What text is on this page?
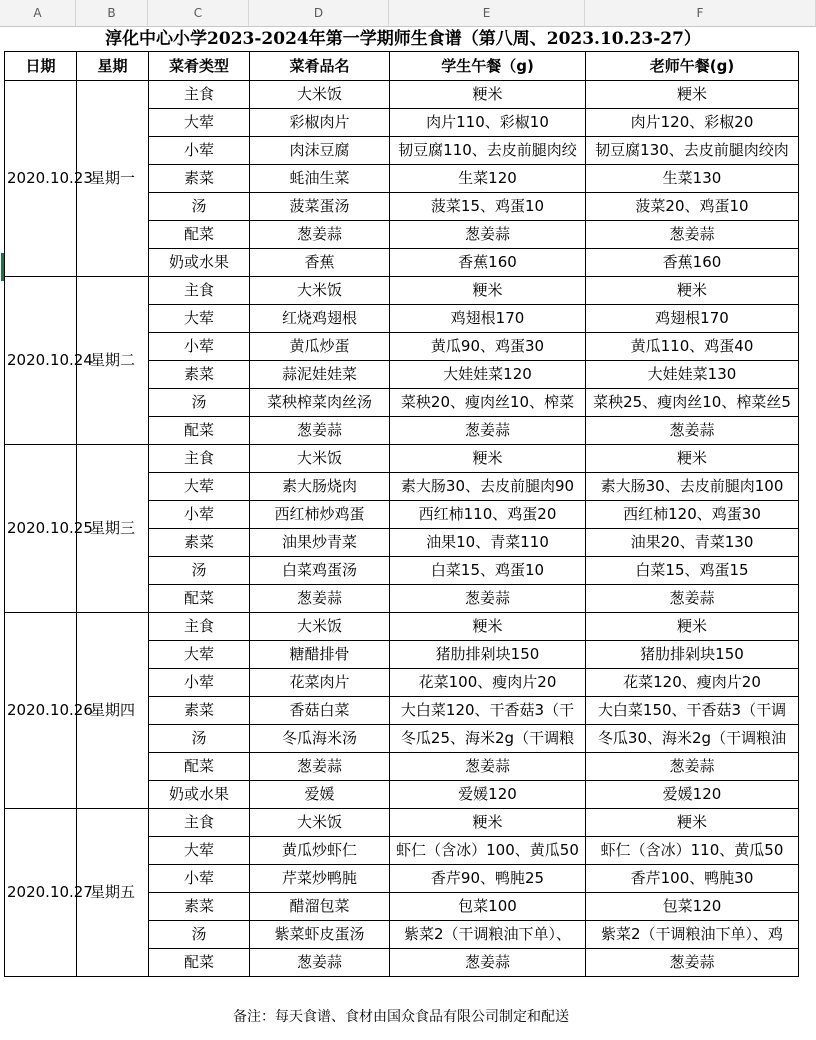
A	B	C	D	E	F
淳化中心小学2023-2024年第一学期师生食谱（第八周、2023.10.23-27）
日期	星期	菜肴类型	菜肴品名	学生午餐（g)	老师午餐(g)
2020.10.23	星期一	主食	大米饭	粳米	粳米
		大荤	彩椒肉片	肉片110、彩椒10	肉片120、彩椒20
		小荤	肉沫豆腐	韧豆腐110、去皮前腿肉绞	韧豆腐130、去皮前腿肉绞肉
		素菜	蚝油生菜	生菜120	生菜130
		汤	菠菜蛋汤	菠菜15、鸡蛋10	菠菜20、鸡蛋10
		配菜	葱姜蒜	葱姜蒜	葱姜蒜
		奶或水果	香蕉	香蕉160	香蕉160
2020.10.24	星期二	主食	大米饭	粳米	粳米
		大荤	红烧鸡翅根	鸡翅根170	鸡翅根170
		小荤	黄瓜炒蛋	黄瓜90、鸡蛋30	黄瓜110、鸡蛋40
		素菜	蒜泥娃娃菜	大娃娃菜120	大娃娃菜130
		汤	菜秧榨菜肉丝汤	菜秧20、瘦肉丝10、榨菜	菜秧25、瘦肉丝10、榨菜丝5
		配菜	葱姜蒜	葱姜蒜	葱姜蒜
2020.10.25	星期三	主食	大米饭	粳米	粳米
		大荤	素大肠烧肉	素大肠30、去皮前腿肉90	素大肠30、去皮前腿肉100
		小荤	西红柿炒鸡蛋	西红柿110、鸡蛋20	西红柿120、鸡蛋30
		素菜	油果炒青菜	油果10、青菜110	油果20、青菜130
		汤	白菜鸡蛋汤	白菜15、鸡蛋10	白菜15、鸡蛋15
		配菜	葱姜蒜	葱姜蒜	葱姜蒜
2020.10.26	星期四	主食	大米饭	粳米	粳米
		大荤	糖醋排骨	猪肋排剁块150	猪肋排剁块150
		小荤	花菜肉片	花菜100、瘦肉片20	花菜120、瘦肉片20
		素菜	香菇白菜	大白菜120、干香菇3（干	大白菜150、干香菇3（干调
		汤	冬瓜海米汤	冬瓜25、海米2g（干调粮	冬瓜30、海米2g（干调粮油
		配菜	葱姜蒜	葱姜蒜	葱姜蒜
		奶或水果	爱媛	爱媛120	爱媛120
2020.10.27	星期五	主食	大米饭	粳米	粳米
		大荤	黄瓜炒虾仁	虾仁（含冰）100、黄瓜50	虾仁（含冰）110、黄瓜50
		小荤	芹菜炒鸭肫	香芹90、鸭肫25	香芹100、鸭肫30
		素菜	醋溜包菜	包菜100	包菜120
		汤	紫菜虾皮蛋汤	紫菜2（干调粮油下单）、	紫菜2（干调粮油下单）、鸡
		配菜	葱姜蒜	葱姜蒜	葱姜蒜
备注：每天食谱、食材由国众食品有限公司制定和配送
